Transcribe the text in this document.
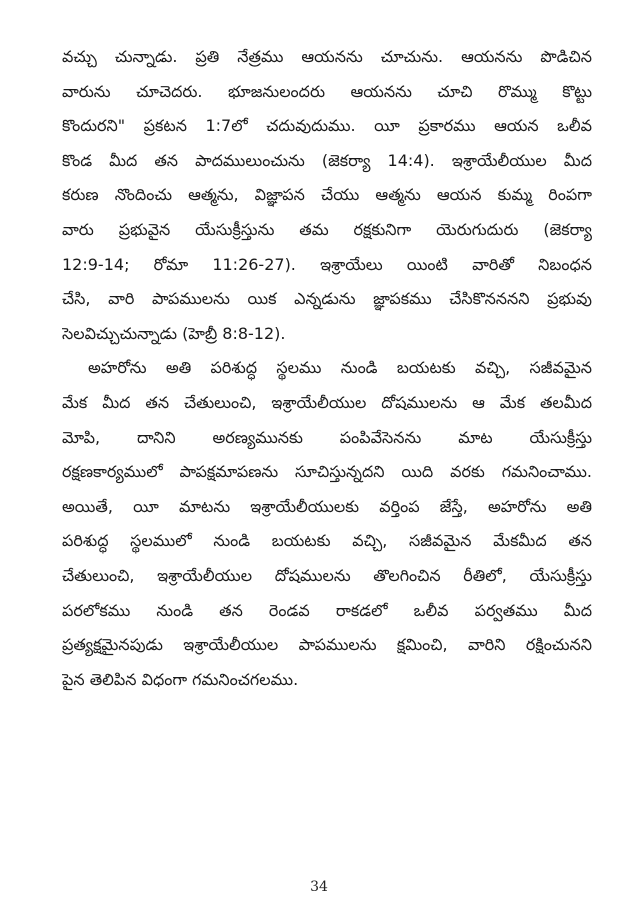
వచ్చు చున్నాడు. ప్రతి నేత్రము ఆయనను చూచును. ఆయనను పొడిచిన
వారును చూచెదరు. భూజనులందరు ఆయనను చూచి రొమ్ము కొట్టు
కొందురని" ప్రకటన 1:7లో చదువుదుము. యీ ప్రకారము ఆయన ఒలీవ
కొండ మీద తన పాదములుంచును (జెకర్యా 14:4). ఇశ్రాయేలీయుల మీద
కరుణ నొందించు ఆత్మను, విజ్ఞాపన చేయు ఆత్మను ఆయన కుమ్మ రింపగా
వారు ప్రభువైన యేసుక్రీస్తును తమ రక్షకునిగా యెరుగుదురు (జెకర్యా
12:9-14; రోమా 11:26-27). ఇశ్రాయేలు యింటి వారితో నిబంధన
చేసి, వారి పాపములను యిక ఎన్నడును జ్ఞాపకము చేసికొనననని ప్రభువు
సెలవిచ్చుచున్నాడు (హెబ్రీ 8:8-12).
అహరోను అతి పరిశుద్ధ స్థలము నుండి బయటకు వచ్చి, సజీవమైన
మేక మీద తన చేతులుంచి, ఇశ్రాయేలీయుల దోషములను ఆ మేక తలమీద
మోపి, దానిని అరణ్యమునకు పంపివేసెనను మాట యేసుక్రీస్తు
రక్షణకార్యములో పాపక్షమాపణను సూచిస్తున్నదని యిది వరకు గమనించాము.
అయితే, యీ మాటను ఇశ్రాయేలీయులకు వర్తింప జేస్తే, అహరోను అతి
పరిశుద్ధ స్థలములో నుండి బయటకు వచ్చి, సజీవమైన మేకమీద తన
చేతులుంచి, ఇశ్రాయేలీయుల దోషములను తొలగించిన రీతిలో, యేసుక్రీస్తు
పరలోకము నుండి తన రెండవ రాకడలో ఒలీవ పర్వతము మీద
ప్రత్యక్షమైనపుడు ఇశ్రాయేలీయుల పాపములను క్షమించి, వారిని రక్షించునని
పైన తెలిపిన విధంగా గమనించగలము.
34
